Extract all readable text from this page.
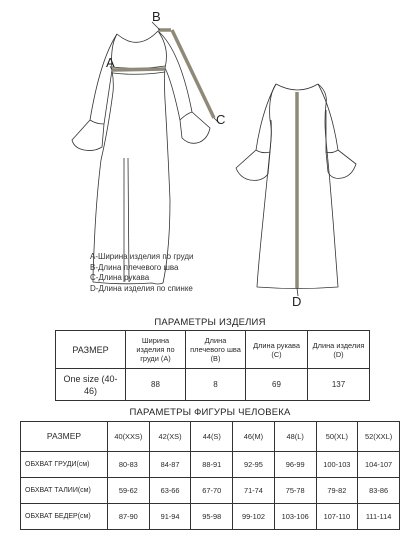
B
A
C
D
А-Ширина изделия по груди
В-Длина плечевого шва
С-Длина рукава
D-Длина изделия по спинке
ПАРАМЕТРЫ ИЗДЕЛИЯ
РАЗМЕР	Ширина изделия по груди (А)	Длина плечевого шва (В)	Длина рукава (С)	Длина изделия (D)
One size (40-46)	88	8	69	137
ПАРАМЕТРЫ ФИГУРЫ ЧЕЛОВЕКА
РАЗМЕР	40(XXS)	42(XS)	44(S)	46(M)	48(L)	50(XL)	52(XXL)
ОБХВАТ ГРУДИ(см)	80-83	84-87	88-91	92-95	96-99	100-103	104-107
ОБХВАТ ТАЛИИ(см)	59-62	63-66	67-70	71-74	75-78	79-82	83-86
ОБХВАТ БЕДЕР(см)	87-90	91-94	95-98	99-102	103-106	107-110	111-114
